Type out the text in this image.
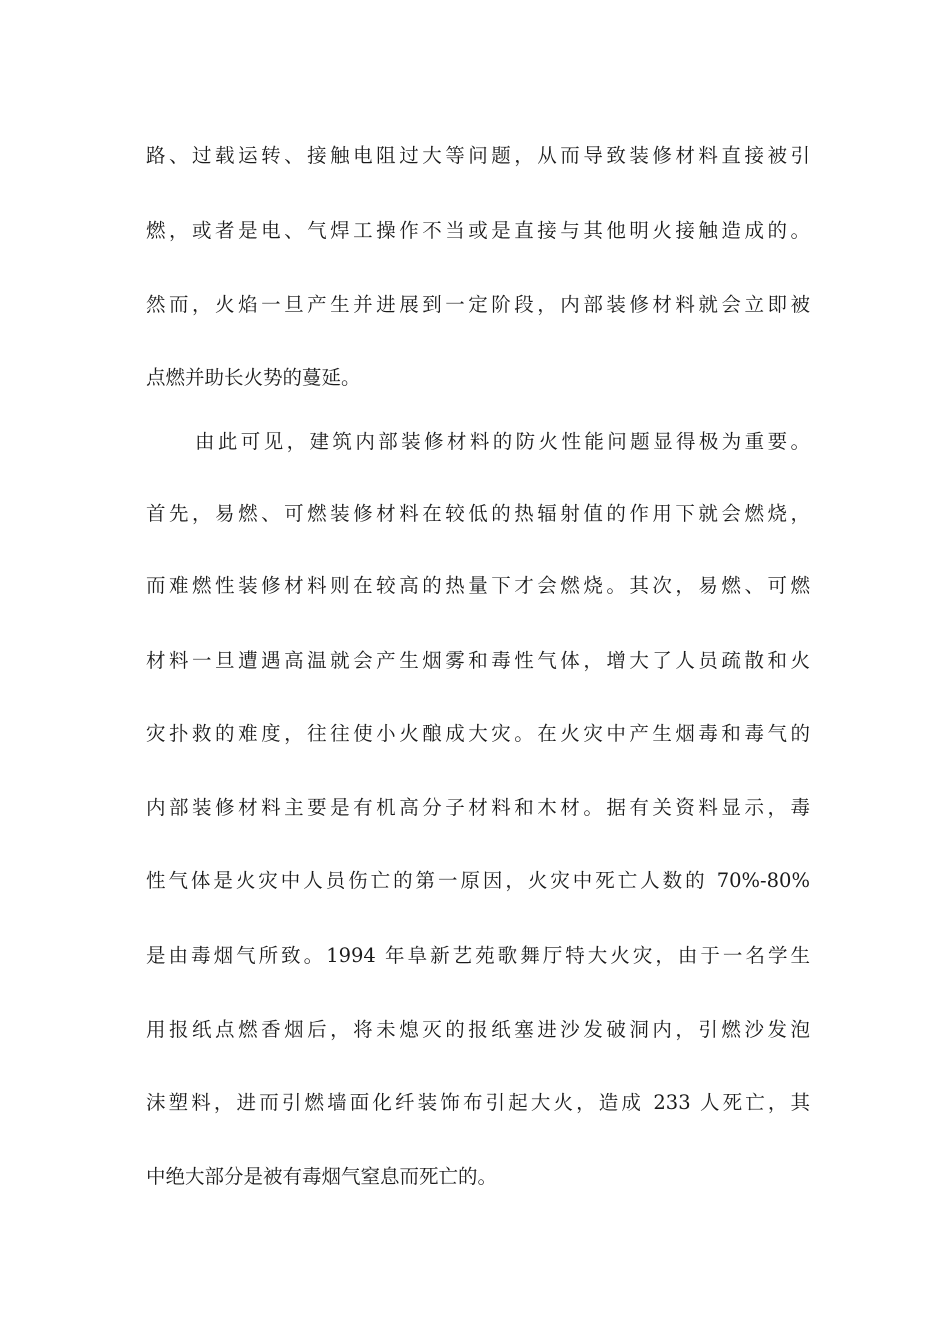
路、过载运转、接触电阻过大等问题，从而导致装修材料直接被引
燃，或者是电、气焊工操作不当或是直接与其他明火接触造成的。
然而，火焰一旦产生并进展到一定阶段，内部装修材料就会立即被
点燃并助长火势的蔓延。
由此可见，建筑内部装修材料的防火性能问题显得极为重要。
首先，易燃、可燃装修材料在较低的热辐射值的作用下就会燃烧，
而难燃性装修材料则在较高的热量下才会燃烧。其次，易燃、可燃
材料一旦遭遇高温就会产生烟雾和毒性气体，增大了人员疏散和火
灾扑救的难度，往往使小火酿成大灾。在火灾中产生烟毒和毒气的
内部装修材料主要是有机高分子材料和木材。据有关资料显示，毒
性气体是火灾中人员伤亡的第一原因，火灾中死亡人数的 70%-80%
是由毒烟气所致。1994 年阜新艺苑歌舞厅特大火灾，由于一名学生
用报纸点燃香烟后，将未熄灭的报纸塞进沙发破洞内，引燃沙发泡
沫塑料，进而引燃墙面化纤装饰布引起大火，造成 233 人死亡，其
中绝大部分是被有毒烟气窒息而死亡的。
